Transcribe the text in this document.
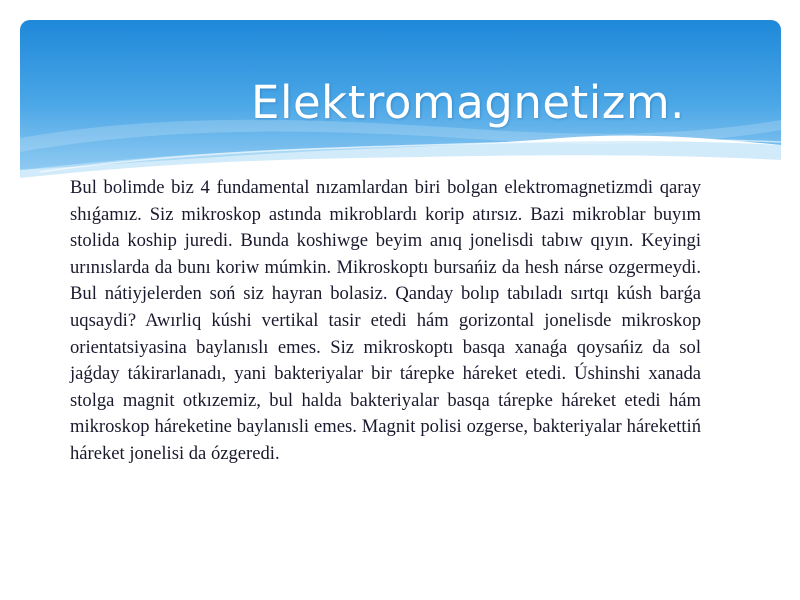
Elektromagnetizm.

Bul bolimde biz 4 fundamental nızamlardan biri bolgan elektromagnetizmdi qaray shıǵamız. Siz mikroskop astında mikroblardı korip atırsız. Bazi mikroblar buyım stolida koship juredi. Bunda koshiwge beyim anıq jonelisdi tabıw qıyın. Keyingi urınıslarda da bunı koriw múmkin. Mikroskoptı bursańiz da hesh nárse ozgermeydi. Bul nátiyjelerden soń siz hayran bolasiz. Qanday bolıp tabıladı sırtqı kúsh barǵa uqsaydi? Awırliq kúshi vertikal tasir etedi hám gorizontal jonelisde mikroskop orientatsiyasina baylanıslı emes. Siz mikroskoptı basqa xanaǵa qoysańiz da sol jaǵday tákirarlanadı, yani bakteriyalar bir tárepke háreket etedi. Úshinshi xanada stolga magnit otkızemiz, bul halda bakteriyalar basqa tárepke háreket etedi hám mikroskop háreketine baylanısli emes. Magnit polisi ozgerse, bakteriyalar hárekettiń háreket jonelisi da ózgeredi.
